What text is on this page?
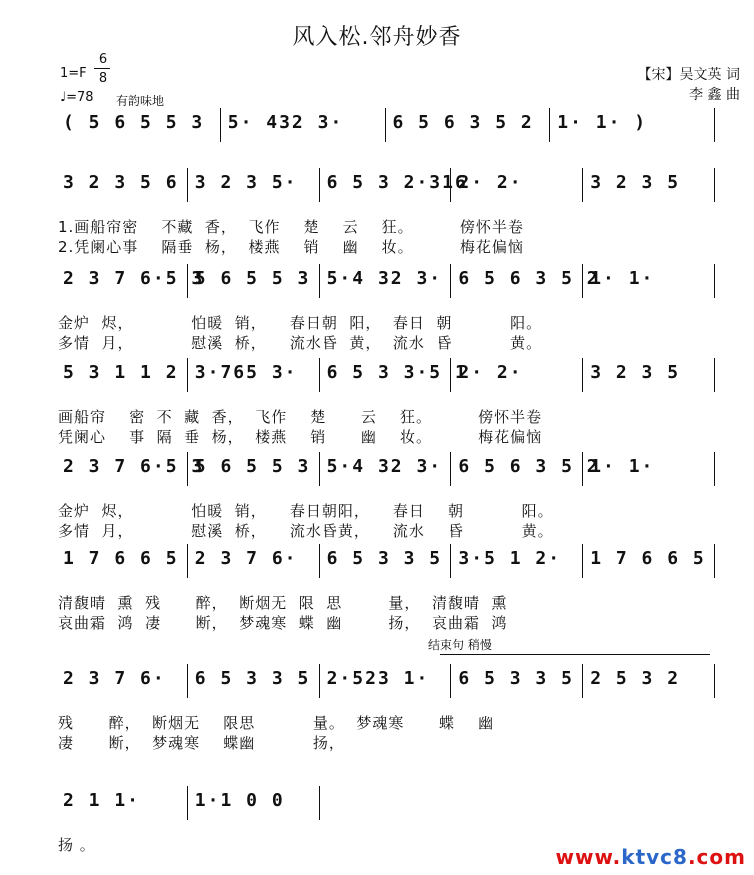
风入松.邻舟妙香
1=F
6
8
♩=78 有韵味地
【宋】吴文英 词
李 鑫 曲
( 5 6 5 5 3	5· 432 3·	6 5 6 3 5 2	1· 1· )
3 2 3 5 6 3 2 3 5·	6 5 3 2·316
2· 2·	3 2 3 5
1.画船帘密    不藏  香，  飞作    楚    云    狂。        傍怀半卷
2.凭阑心事    隔垂  杨，  楼燕    销    幽    妆。        梅花偏恼
2 3 7 6·5 3
5 6 5 5 3 5·4 32 3· 6 5 6 3 5 2
1· 1·
金炉  烬，          怕暖  销，    春日朝  阳，  春日  朝          阳。
多情  月，          慰溪  桥，    流水昏  黄，  流水  昏          黄。
5 3 1 1 2 3·765 3·	6 5 3 3·5 1
2· 2·	3 2 3 5
画船帘    密  不  藏  香，  飞作    楚      云    狂。        傍怀半卷
凭阑心    事  隔  垂  杨，  楼燕    销      幽    妆。        梅花偏恼
2 3 7 6·5 3
5 6 5 5 3 5·4 32 3· 6 5 6 3 5 2
1· 1·
金炉  烬，          怕暖  销，    春日朝阳，    春日    朝          阳。
多情  月，          慰溪  桥，    流水昏黄，    流水    昏          黄。
1 7 6 6 5 2 3 7 6·	6 5 3 3 5 3·5 1 2·	1 7 6 6 5
清馥晴  熏  残      醉，  断烟无  限  思        量，  清馥晴  熏
哀曲霜  鸿  凄      断，  梦魂寒  蝶  幽        扬，  哀曲霜  鸿
2 3 7 6·	6 5 3 3 5 2·523 1·	6 5 3 3 5 2 5 3 2
残      醉，  断烟无    限思          量。  梦魂寒      蝶    幽
凄      断，  梦魂寒    蝶幽          扬，
2 1 1·	1·1 0 0
扬 。
结束句 稍慢
www.ktvc8.com
